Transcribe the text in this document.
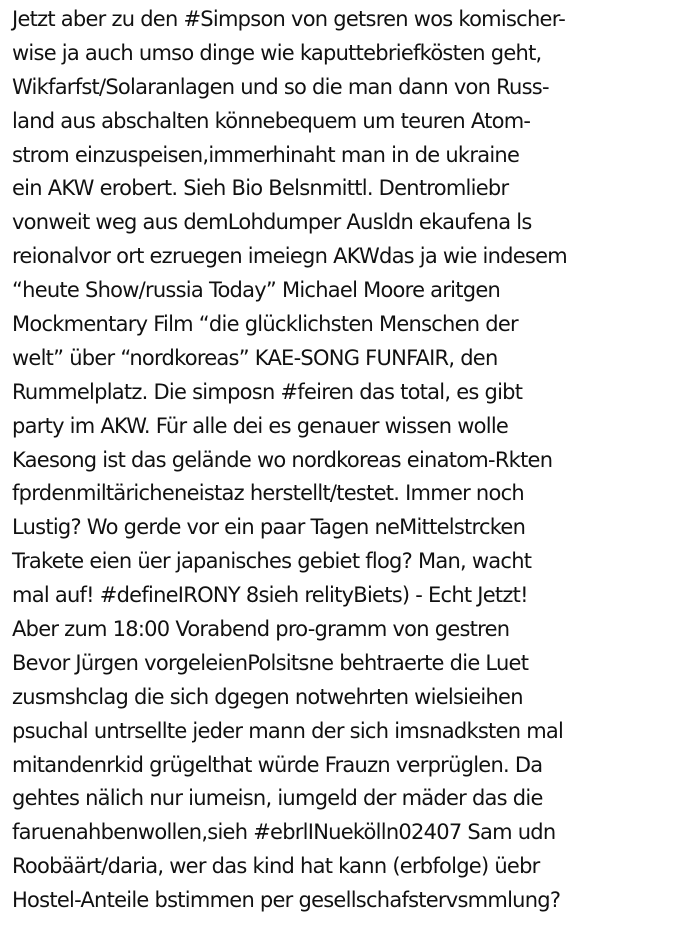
Jetzt aber zu den #Simpson von getsren wos komischer-
wise ja auch umso dinge wie kaputtebriefkösten geht,
Wikfarfst/Solaranlagen und so die man dann von Russ-
land aus abschalten könnebequem um teuren Atom-
strom einzuspeisen,immerhinaht man in de ukraine
ein AKW erobert. Sieh Bio Belsnmittl. Dentromliebr
vonweit weg aus demLohdumper Ausldn ekaufena ls
reionalvor ort ezruegen imeiegn AKWdas ja wie indesem
“heute Show/russia Today” Michael Moore aritgen
Mockmentary Film “die glücklichsten Menschen der
welt” über “nordkoreas” KAE-SONG FUNFAIR, den
Rummelplatz. Die simposn #feiren das total, es gibt
party im AKW. Für alle dei es genauer wissen wolle
Kaesong ist das gelände wo nordkoreas einatom-Rkten
fprdenmiltäricheneistaz herstellt/testet. Immer noch
Lustig? Wo gerde vor ein paar Tagen neMittelstrcken
Trakete eien üer japanisches gebiet flog? Man, wacht
mal auf! #defineIRONY 8sieh relityBiets) - Echt Jetzt!
Aber zum 18:00 Vorabend pro-gramm von gestren
Bevor Jürgen vorgeleienPolsitsne behtraerte die Luet
zusmshclag die sich dgegen notwehrten wielsieihen
psuchal untrsellte jeder mann der sich imsnadksten mal
mitandenrkid grügelthat würde Frauzn verprüglen. Da
gehtes nälich nur iumeisn, iumgeld der mäder das die
faruenahbenwollen,sieh #ebrlINuekölln02407 Sam udn
Roobäärt/daria, wer das kind hat kann (erbfolge) üebr
Hostel-Anteile bstimmen per gesellschafstervsmmlung?
